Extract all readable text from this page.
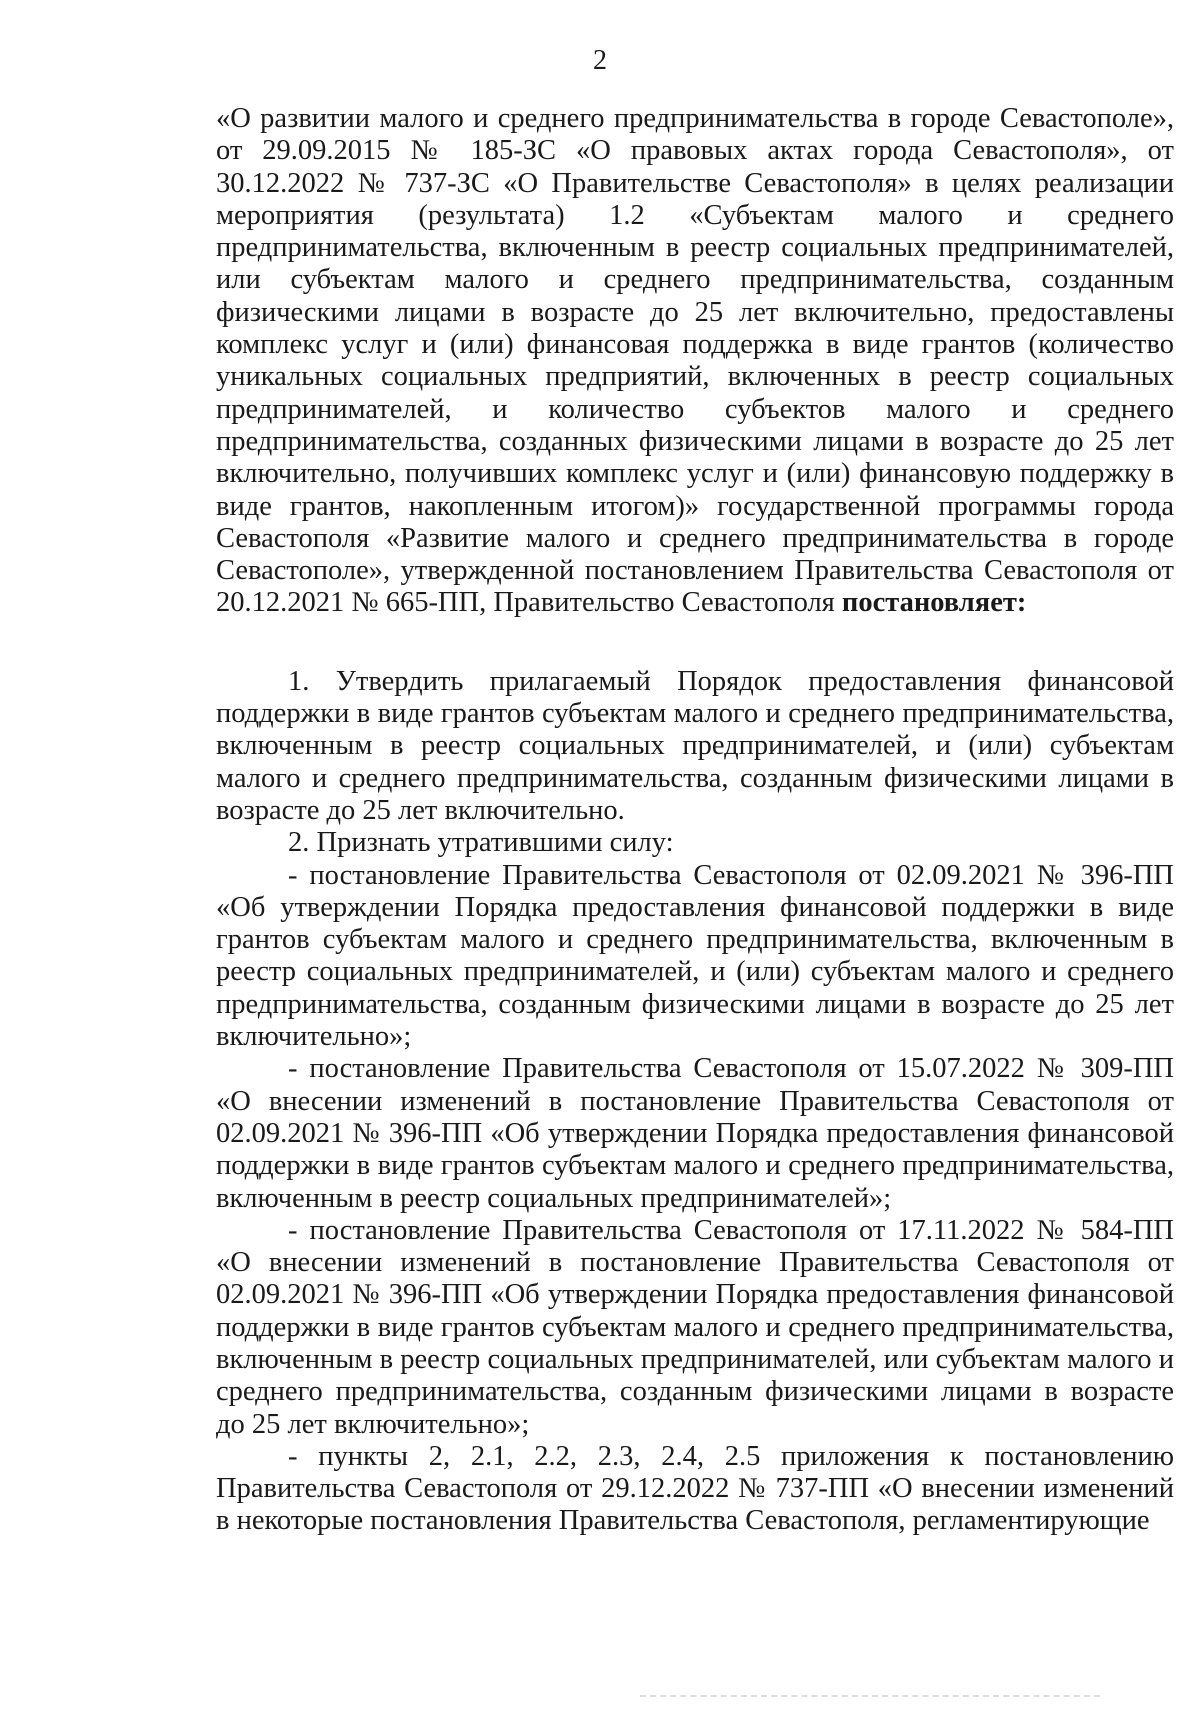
2

«О развитии малого и среднего предпринимательства в городе Севастополе», от 29.09.2015 № 185-ЗС «О правовых актах города Севастополя», от 30.12.2022 № 737-ЗС «О Правительстве Севастополя» в целях реализации мероприятия (результата) 1.2 «Субъектам малого и среднего предпринимательства, включенным в реестр социальных предпринимателей, или субъектам малого и среднего предпринимательства, созданным физическими лицами в возрасте до 25 лет включительно, предоставлены комплекс услуг и (или) финансовая поддержка в виде грантов (количество уникальных социальных предприятий, включенных в реестр социальных предпринимателей, и количество субъектов малого и среднего предпринимательства, созданных физическими лицами в возрасте до 25 лет включительно, получивших комплекс услуг и (или) финансовую поддержку в виде грантов, накопленным итогом)» государственной программы города Севастополя «Развитие малого и среднего предпринимательства в городе Севастополе», утвержденной постановлением Правительства Севастополя от 20.12.2021 № 665-ПП, Правительство Севастополя постановляет:

1. Утвердить прилагаемый Порядок предоставления финансовой поддержки в виде грантов субъектам малого и среднего предпринимательства, включенным в реестр социальных предпринимателей, и (или) субъектам малого и среднего предпринимательства, созданным физическими лицами в возрасте до 25 лет включительно.

2. Признать утратившими силу:

- постановление Правительства Севастополя от 02.09.2021 № 396-ПП «Об утверждении Порядка предоставления финансовой поддержки в виде грантов субъектам малого и среднего предпринимательства, включенным в реестр социальных предпринимателей, и (или) субъектам малого и среднего предпринимательства, созданным физическими лицами в возрасте до 25 лет включительно»;

- постановление Правительства Севастополя от 15.07.2022 № 309-ПП «О внесении изменений в постановление Правительства Севастополя от 02.09.2021 № 396-ПП «Об утверждении Порядка предоставления финансовой поддержки в виде грантов субъектам малого и среднего предпринимательства, включенным в реестр социальных предпринимателей»;

- постановление Правительства Севастополя от 17.11.2022 № 584-ПП «О внесении изменений в постановление Правительства Севастополя от 02.09.2021 № 396-ПП «Об утверждении Порядка предоставления финансовой поддержки в виде грантов субъектам малого и среднего предпринимательства, включенным в реестр социальных предпринимателей, или субъектам малого и среднего предпринимательства, созданным физическими лицами в возрасте до 25 лет включительно»;

- пункты 2, 2.1, 2.2, 2.3, 2.4, 2.5 приложения к постановлению Правительства Севастополя от 29.12.2022 № 737-ПП «О внесении изменений в некоторые постановления Правительства Севастополя, регламентирующие
